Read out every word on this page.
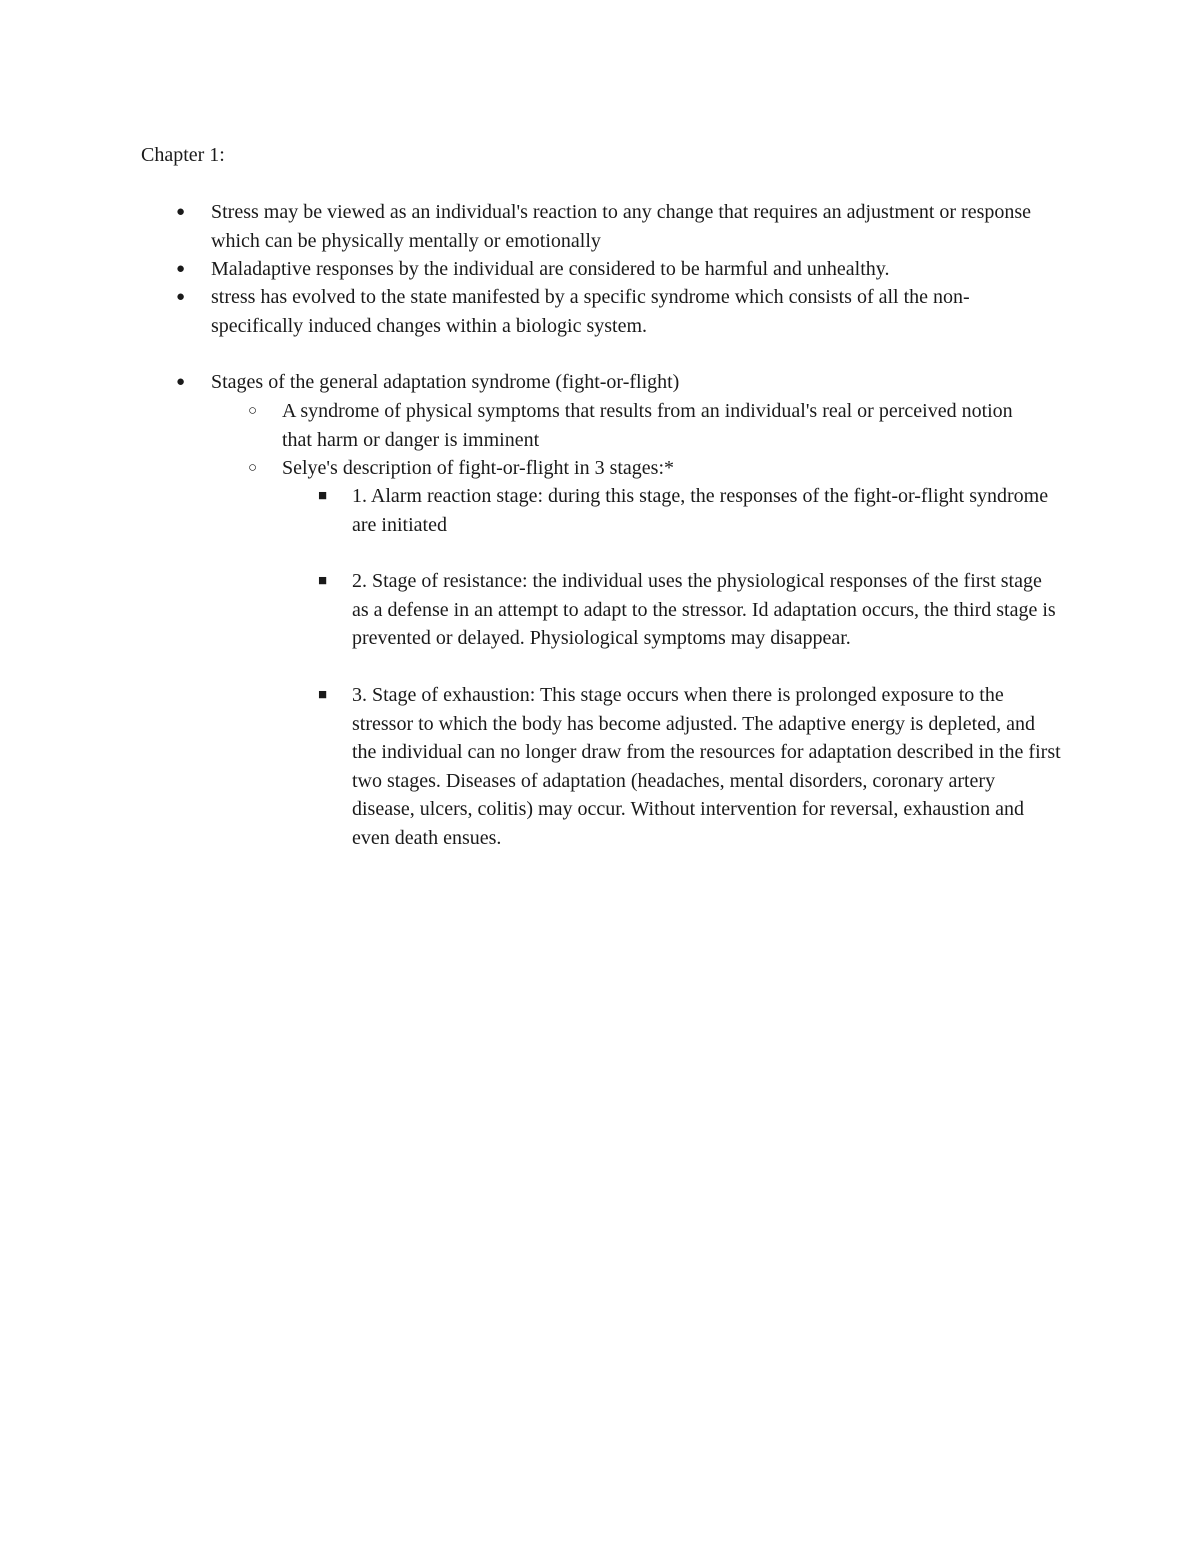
Chapter 1:
● Stress may be viewed as an individual's reaction to any change that requires an adjustment or response which can be physically mentally or emotionally
● Maladaptive responses by the individual are considered to be harmful and unhealthy.
● stress has evolved to the state manifested by a specific syndrome which consists of all the non-specifically induced changes within a biologic system.
● Stages of the general adaptation syndrome (fight-or-flight)
○ A syndrome of physical symptoms that results from an individual's real or perceived notion that harm or danger is imminent
○ Selye's description of fight-or-flight in 3 stages:*
■ 1. Alarm reaction stage: during this stage, the responses of the fight-or-flight syndrome are initiated
■ 2. Stage of resistance: the individual uses the physiological responses of the first stage as a defense in an attempt to adapt to the stressor. Id adaptation occurs, the third stage is prevented or delayed. Physiological symptoms may disappear.
■ 3. Stage of exhaustion: This stage occurs when there is prolonged exposure to the stressor to which the body has become adjusted. The adaptive energy is depleted, and the individual can no longer draw from the resources for adaptation described in the first two stages. Diseases of adaptation (headaches, mental disorders, coronary artery disease, ulcers, colitis) may occur. Without intervention for reversal, exhaustion and even death ensues.
